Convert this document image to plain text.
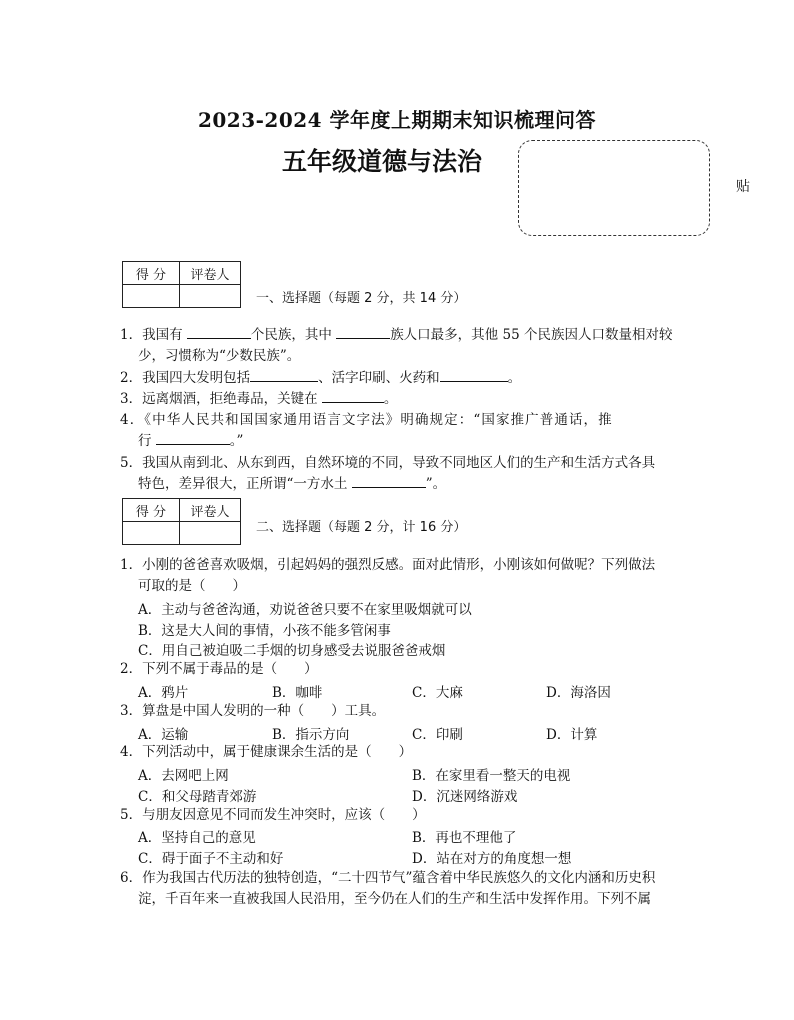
2023-2024 学年度上期期末知识梳理问答
五年级道德与法治
贴
得 分	评卷人

一、选择题（每题 2 分，共 14 分）
1．我国有	个民族，其中	族人口最多，其他 55 个民族因人口数量相对较
少，习惯称为“少数民族”。
2．我国四大发明包括	、活字印刷、火药和	。
3．远离烟酒，拒绝毒品，关键在	。
4．《中华人民共和国国家通用语言文字法》明确规定：“国家推广普通话，推
行	。”
5．我国从南到北、从东到西，自然环境的不同，导致不同地区人们的生产和生活方式各具
特色，差异很大，正所谓“一方水土	”。
得 分	评卷人

二、选择题（每题 2 分，计 16 分）
1．小刚的爸爸喜欢吸烟，引起妈妈的强烈反感。面对此情形，小刚该如何做呢？下列做法
可取的是（　　）
A．主动与爸爸沟通，劝说爸爸只要不在家里吸烟就可以
B．这是大人间的事情，小孩不能多管闲事
C．用自己被迫吸二手烟的切身感受去说服爸爸戒烟
2．下列不属于毒品的是（　　）
A．鸦片	B．咖啡	C．大麻	D．海洛因
3．算盘是中国人发明的一种（　　）工具。
A．运输	B．指示方向	C．印刷	D．计算
4．下列活动中，属于健康课余生活的是（　　）
A．去网吧上网	B．在家里看一整天的电视
C．和父母踏青郊游	D．沉迷网络游戏
5．与朋友因意见不同而发生冲突时，应该（　　）
A．坚持自己的意见	B．再也不理他了
C．碍于面子不主动和好	D．站在对方的角度想一想
6．作为我国古代历法的独特创造，“二十四节气”蕴含着中华民族悠久的文化内涵和历史积
淀，千百年来一直被我国人民沿用，至今仍在人们的生产和生活中发挥作用。下列不属
